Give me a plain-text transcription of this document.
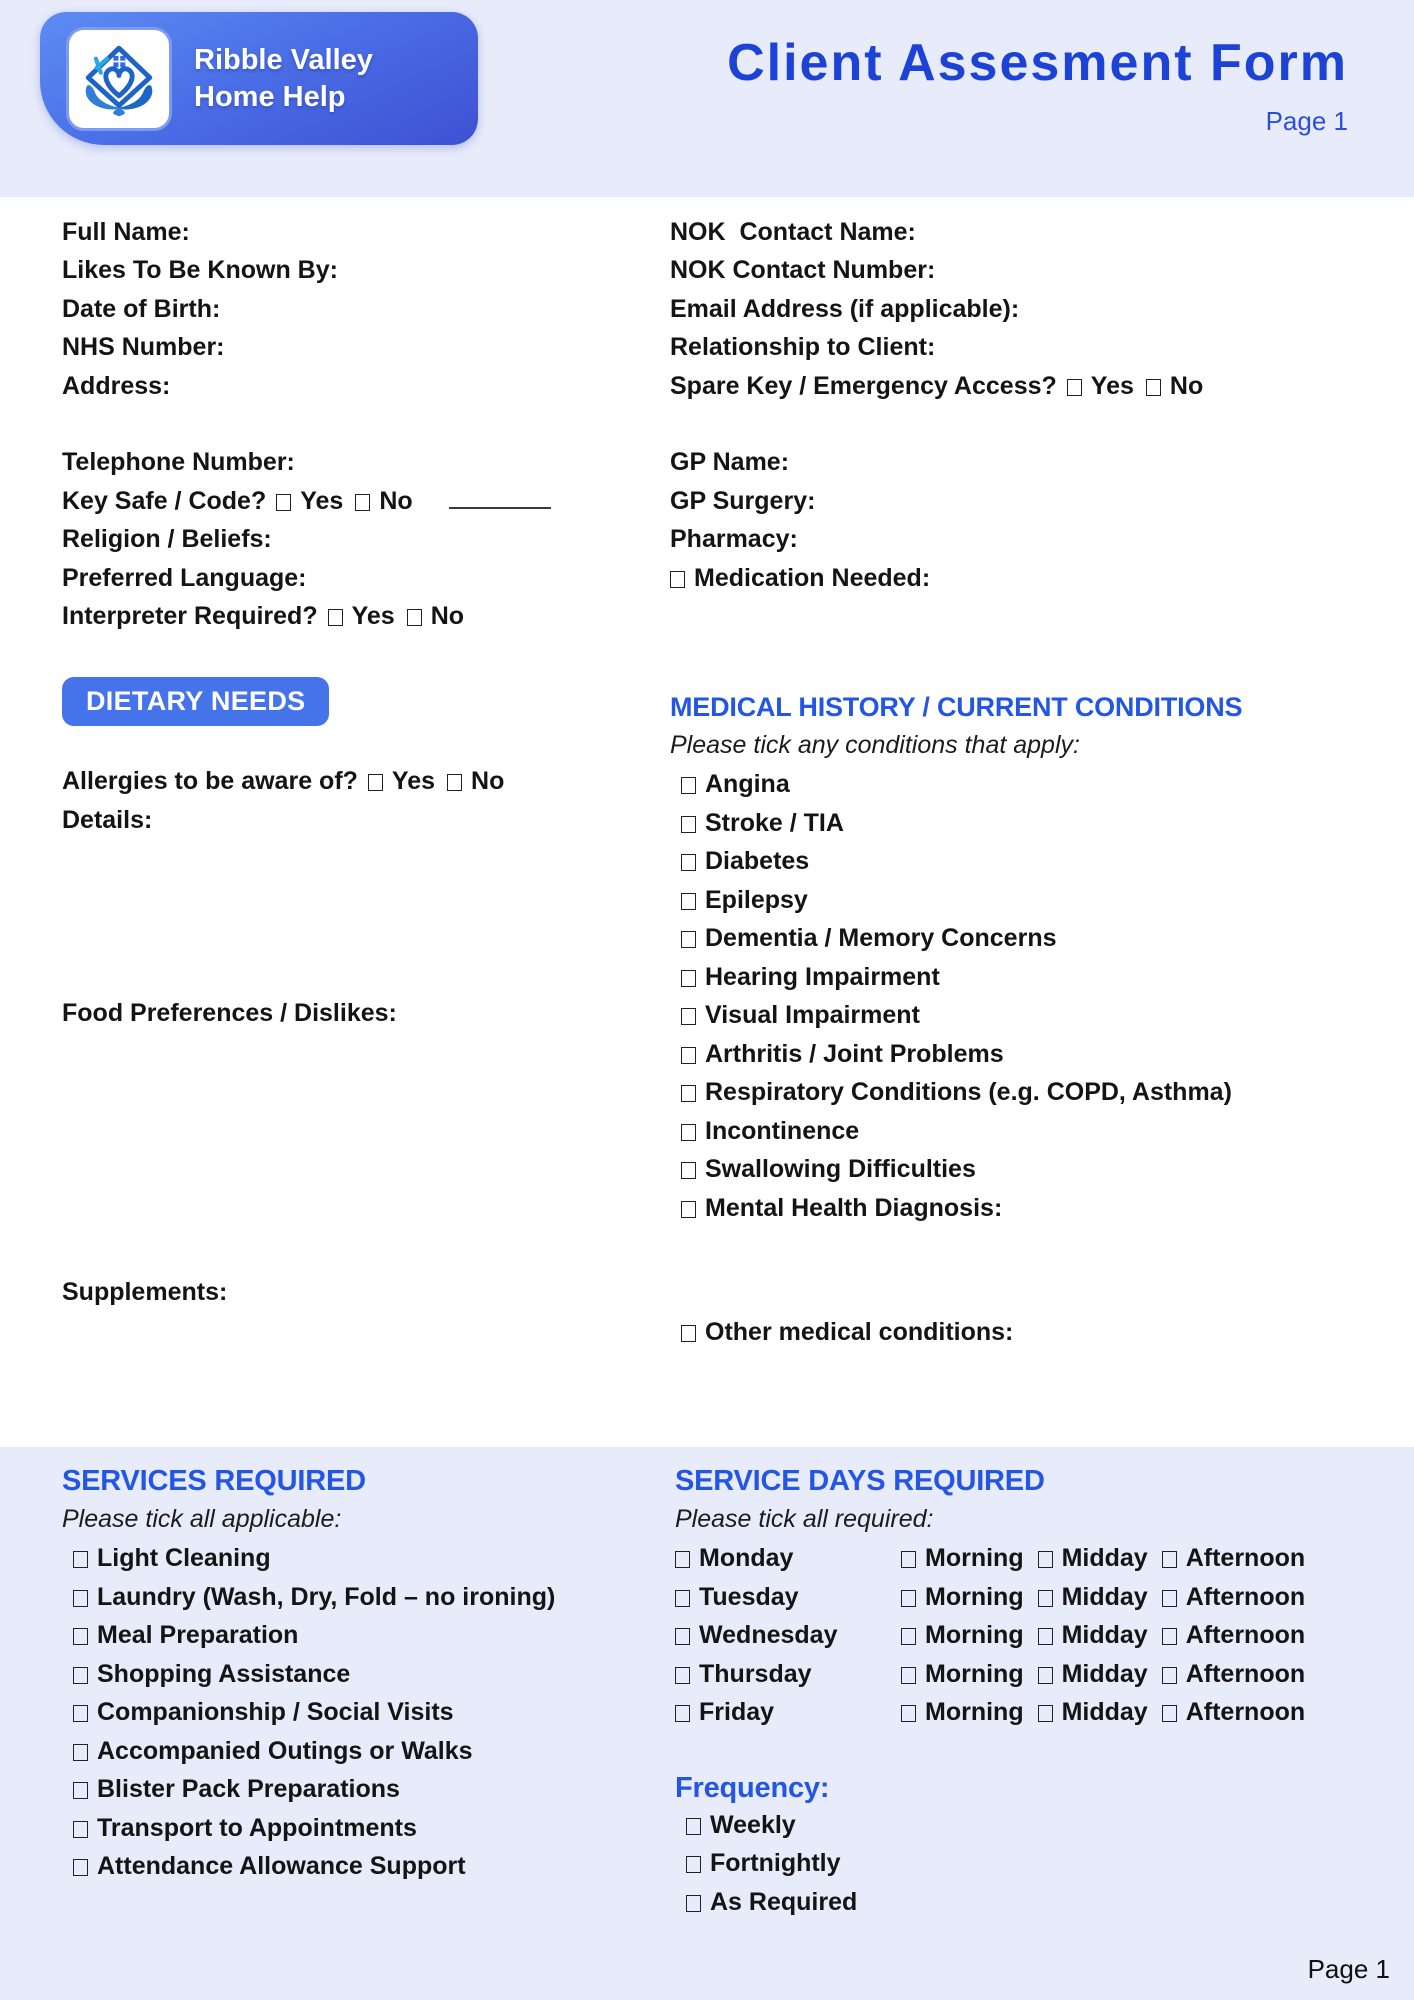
Ribble Valley
Home Help
Client Assesment Form
Page 1
Full Name:
Likes To Be Known By:
Date of Birth:
NHS Number:
Address:
Telephone Number:
Key Safe / Code? Yes No
Religion / Beliefs:
Preferred Language:
Interpreter Required? Yes No
DIETARY NEEDS
Allergies to be aware of? Yes No
Details:
Food Preferences / Dislikes:
Supplements:
NOK  Contact Name:
NOK Contact Number:
Email Address (if applicable):
Relationship to Client:
Spare Key / Emergency Access? Yes No
GP Name:
GP Surgery:
Pharmacy:
Medication Needed:
MEDICAL HISTORY / CURRENT CONDITIONS
Please tick any conditions that apply:
Angina
Stroke / TIA
Diabetes
Epilepsy
Dementia / Memory Concerns
Hearing Impairment
Visual Impairment
Arthritis / Joint Problems
Respiratory Conditions (e.g. COPD, Asthma)
Incontinence
Swallowing Difficulties
Mental Health Diagnosis:
Other medical conditions:
SERVICES REQUIRED
Please tick all applicable:
Light Cleaning
Laundry (Wash, Dry, Fold – no ironing)
Meal Preparation
Shopping Assistance
Companionship / Social Visits
Accompanied Outings or Walks
Blister Pack Preparations
Transport to Appointments
Attendance Allowance Support
SERVICE DAYS REQUIRED
Please tick all required:
Monday	Morning Midday Afternoon
Tuesday	Morning Midday Afternoon
Wednesday	Morning Midday Afternoon
Thursday	Morning Midday Afternoon
Friday	Morning Midday Afternoon
Frequency:
Weekly
Fortnightly
As Required
Page 1
